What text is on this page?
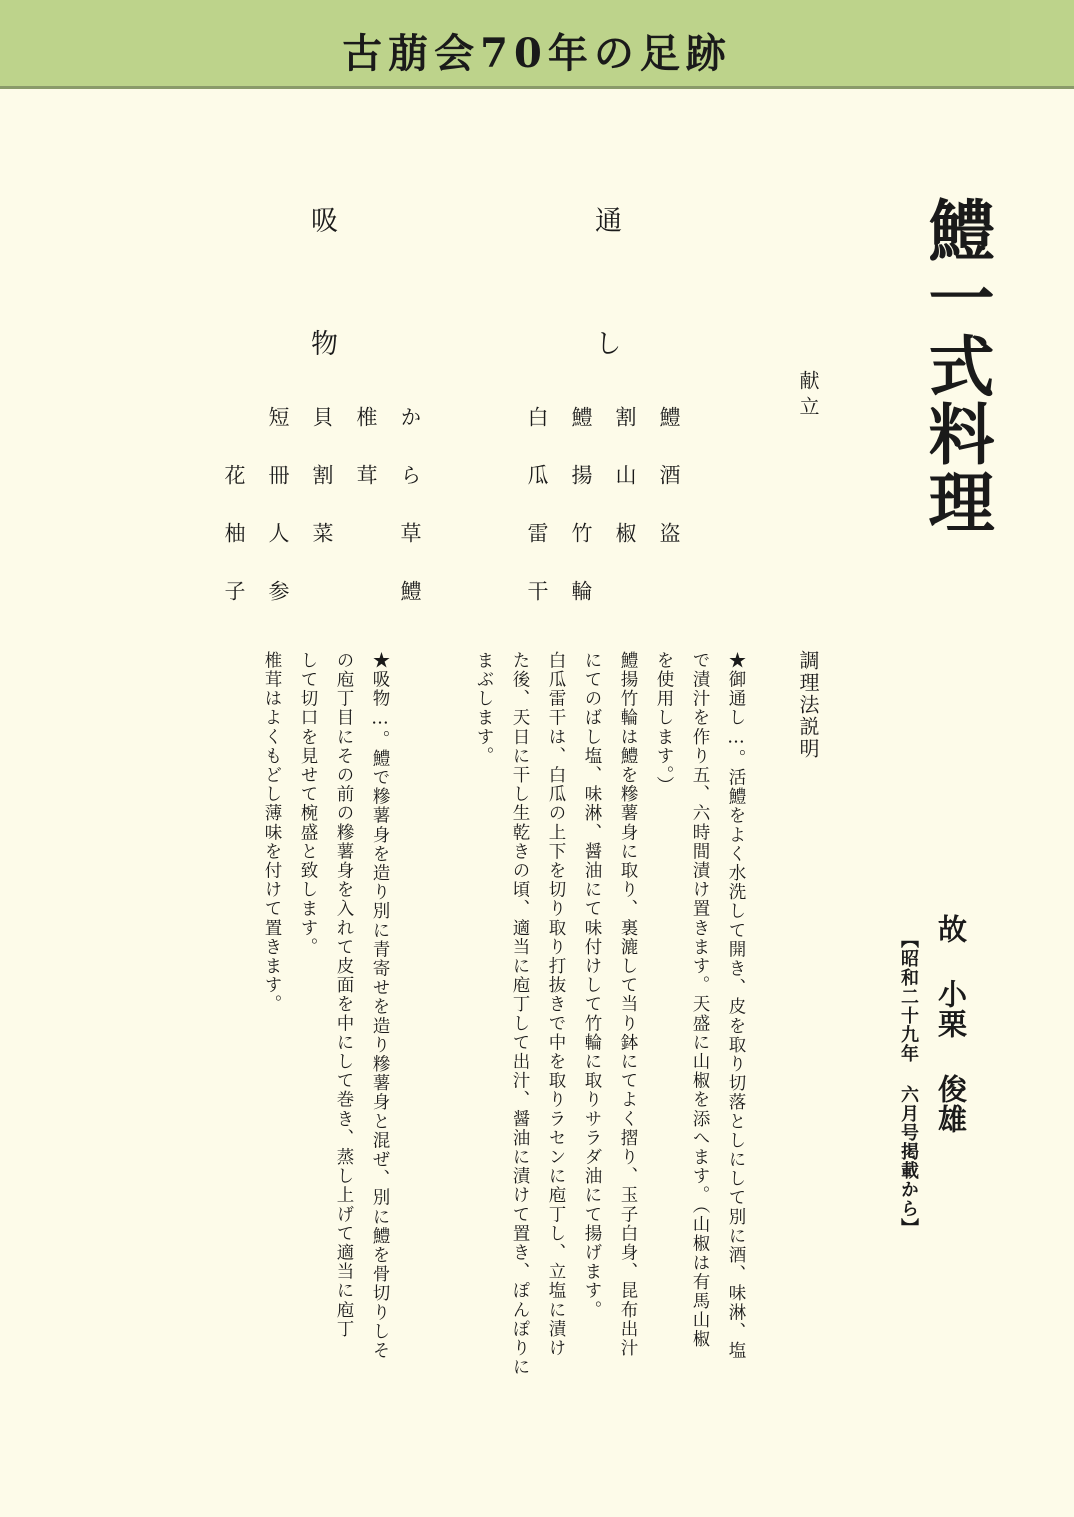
古萠会70年の足跡
鱧一式料理
故 小栗 俊雄
【昭和二十九年 六月号掲載から】
献立
通し
鱧酒盗
割山椒
鱧揚竹輪
白瓜雷干
吸物
から草鱧
椎茸
貝割菜
短冊人参
花柚子
調理法説明
★御通し…。活鱧をよく水洗して開き、皮を取り切落としにして別に酒、味淋、塩
で漬汁を作り五、六時間漬け置きます。天盛に山椒を添へます。（山椒は有馬山椒
を使用します。）
鱧揚竹輪は鱧を糝薯身に取り、裏漉して当り鉢にてよく摺り、玉子白身、昆布出汁
にてのばし塩、味淋、醤油にて味付けして竹輪に取りサラダ油にて揚げます。
白瓜雷干は、白瓜の上下を切り取り打抜きで中を取りラセンに庖丁し、立塩に漬け
た後、天日に干し生乾きの頃、適当に庖丁して出汁、醤油に漬けて置き、ぽんぽりに
まぶします。
★吸物…。鱧で糝薯身を造り別に青寄せを造り糝薯身と混ぜ、別に鱧を骨切りしそ
の庖丁目にその前の糝薯身を入れて皮面を中にして巻き、蒸し上げて適当に庖丁
して切口を見せて椀盛と致します。
椎茸はよくもどし薄味を付けて置きます。
